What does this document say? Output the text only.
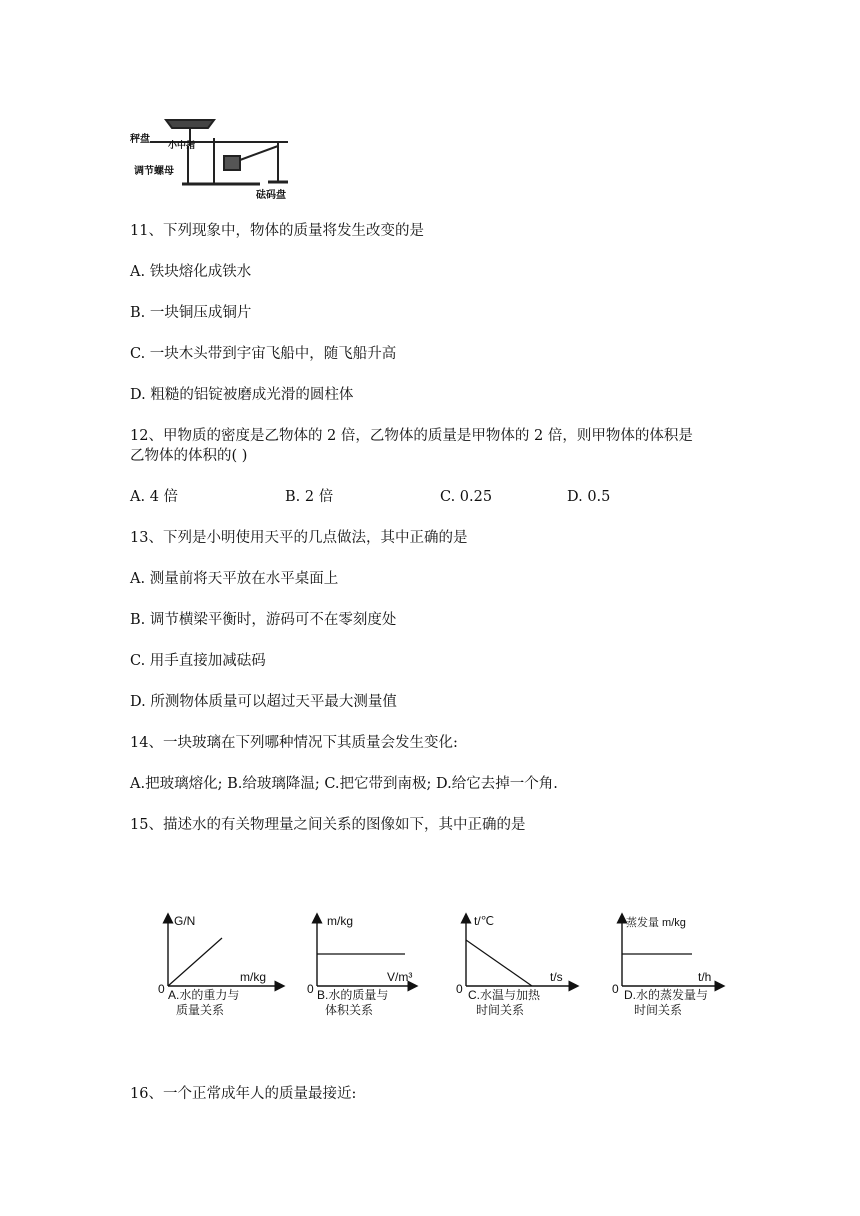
秤盘
小中指
调节螺母
砝码盘
11、下列现象中，物体的质量将发生改变的是
A. 铁块熔化成铁水
B. 一块铜压成铜片
C. 一块木头带到宇宙飞船中，随飞船升高
D. 粗糙的铝锭被磨成光滑的圆柱体
12、甲物质的密度是乙物体的 2 倍，乙物体的质量是甲物体的 2 倍，则甲物体的体积是
乙物体的体积的( )
A. 4 倍	B. 2 倍	C. 0.25	D. 0.5
13、下列是小明使用天平的几点做法，其中正确的是
A. 测量前将天平放在水平桌面上
B. 调节横梁平衡时，游码可不在零刻度处
C. 用手直接加减砝码
D. 所测物体质量可以超过天平最大测量值
14、一块玻璃在下列哪种情况下其质量会发生变化:
A.把玻璃熔化; B.给玻璃降温; C.把它带到南极; D.给它去掉一个角.
15、描述水的有关物理量之间关系的图像如下，其中正确的是
G/N
m/kg
0 A.水的重力与
质量关系
m/kg
V/m³
0 B.水的质量与
体积关系
t/℃
t/s
0 C.水温与加热
时间关系
蒸发量 m/kg
t/h
0 D.水的蒸发量与
时间关系
16、一个正常成年人的质量最接近:
